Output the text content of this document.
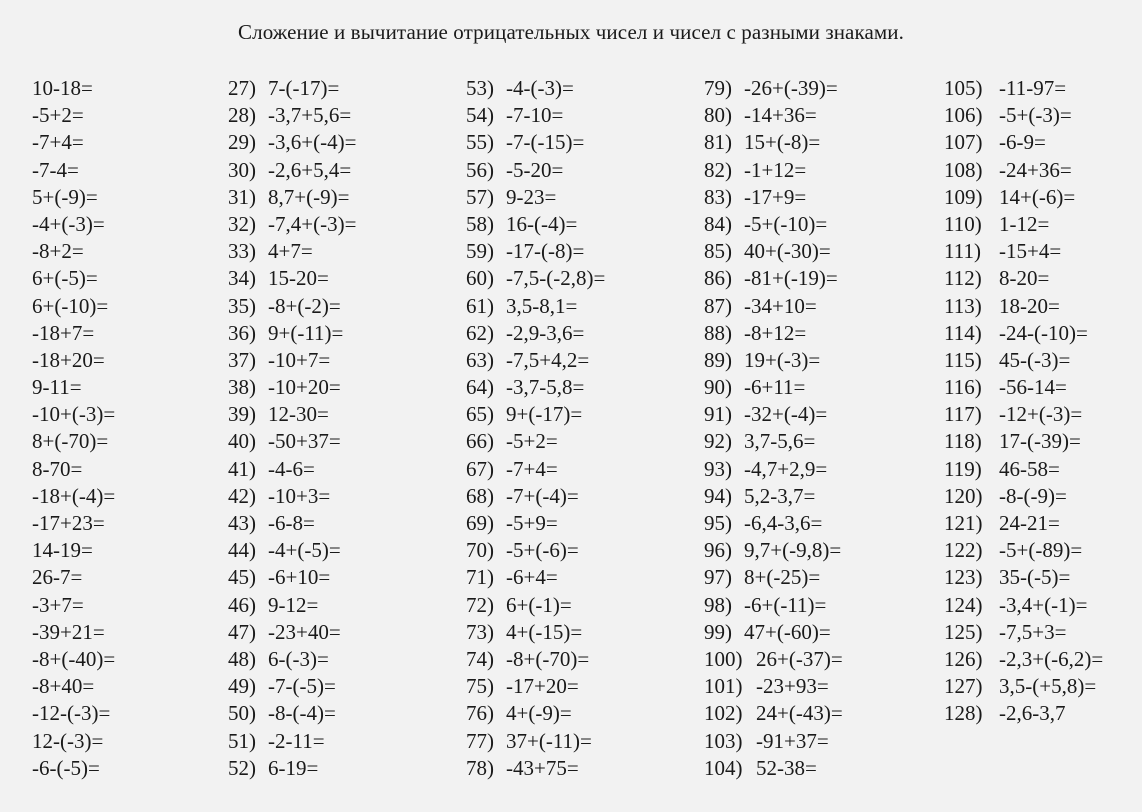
Сложение и вычитание отрицательных чисел и чисел с разными знаками.
10-18=
-5+2=
-7+4=
-7-4=
5+(-9)=
-4+(-3)=
-8+2=
6+(-5)=
6+(-10)=
-18+7=
-18+20=
9-11=
-10+(-3)=
8+(-70)=
8-70=
-18+(-4)=
-17+23=
14-19=
26-7=
-3+7=
-39+21=
-8+(-40)=
-8+40=
-12-(-3)=
12-(-3)=
-6-(-5)=
27) 7-(-17)=
28) -3,7+5,6=
29) -3,6+(-4)=
30) -2,6+5,4=
31) 8,7+(-9)=
32) -7,4+(-3)=
33) 4+7=
34) 15-20=
35) -8+(-2)=
36) 9+(-11)=
37) -10+7=
38) -10+20=
39) 12-30=
40) -50+37=
41) -4-6=
42) -10+3=
43) -6-8=
44) -4+(-5)=
45) -6+10=
46) 9-12=
47) -23+40=
48) 6-(-3)=
49) -7-(-5)=
50) -8-(-4)=
51) -2-11=
52) 6-19=
53) -4-(-3)=
54) -7-10=
55) -7-(-15)=
56) -5-20=
57) 9-23=
58) 16-(-4)=
59) -17-(-8)=
60) -7,5-(-2,8)=
61) 3,5-8,1=
62) -2,9-3,6=
63) -7,5+4,2=
64) -3,7-5,8=
65) 9+(-17)=
66) -5+2=
67) -7+4=
68) -7+(-4)=
69) -5+9=
70) -5+(-6)=
71) -6+4=
72) 6+(-1)=
73) 4+(-15)=
74) -8+(-70)=
75) -17+20=
76) 4+(-9)=
77) 37+(-11)=
78) -43+75=
79) -26+(-39)=
80) -14+36=
81) 15+(-8)=
82) -1+12=
83) -17+9=
84) -5+(-10)=
85) 40+(-30)=
86) -81+(-19)=
87) -34+10=
88) -8+12=
89) 19+(-3)=
90) -6+11=
91) -32+(-4)=
92) 3,7-5,6=
93) -4,7+2,9=
94) 5,2-3,7=
95) -6,4-3,6=
96) 9,7+(-9,8)=
97) 8+(-25)=
98) -6+(-11)=
99) 47+(-60)=
100) 26+(-37)=
101) -23+93=
102) 24+(-43)=
103) -91+37=
104) 52-38=
105) -11-97=
106) -5+(-3)=
107) -6-9=
108) -24+36=
109) 14+(-6)=
110) 1-12=
111) -15+4=
112) 8-20=
113) 18-20=
114) -24-(-10)=
115) 45-(-3)=
116) -56-14=
117) -12+(-3)=
118) 17-(-39)=
119) 46-58=
120) -8-(-9)=
121) 24-21=
122) -5+(-89)=
123) 35-(-5)=
124) -3,4+(-1)=
125) -7,5+3=
126) -2,3+(-6,2)=
127) 3,5-(+5,8)=
128) -2,6-3,7
